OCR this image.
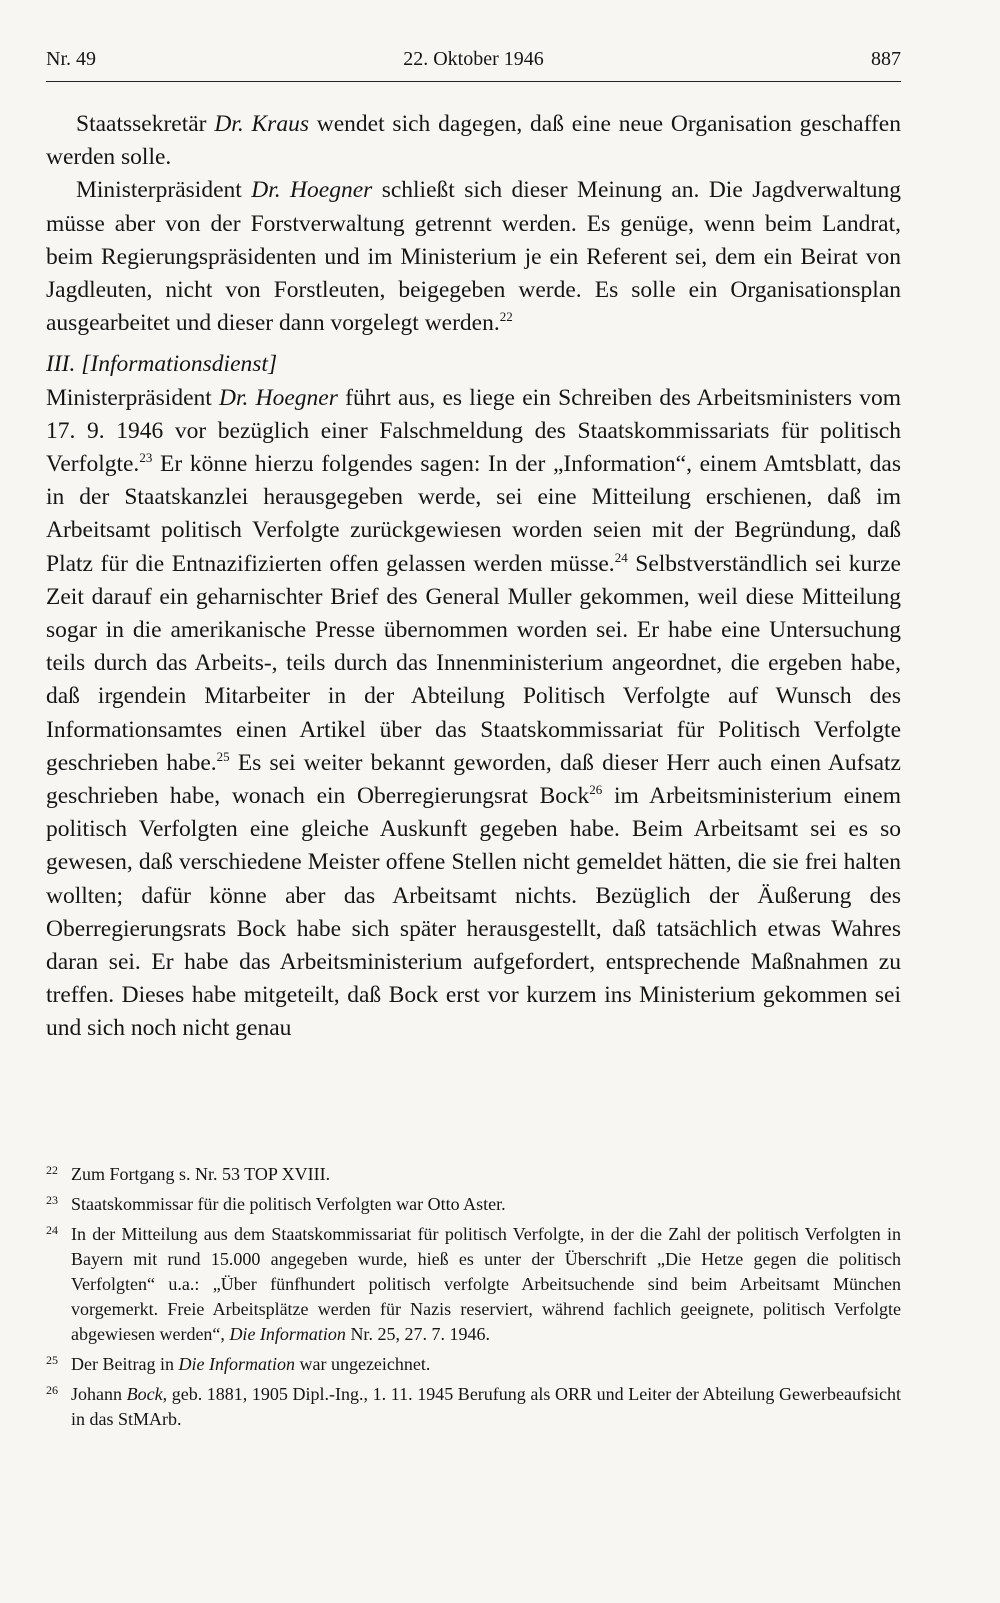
Nr. 49	22. Oktober 1946	887

Staatssekretär Dr. Kraus wendet sich dagegen, daß eine neue Organisation geschaffen werden solle.

Ministerpräsident Dr. Hoegner schließt sich dieser Meinung an. Die Jagdverwaltung müsse aber von der Forstverwaltung getrennt werden. Es genüge, wenn beim Landrat, beim Regierungspräsidenten und im Ministerium je ein Referent sei, dem ein Beirat von Jagdleuten, nicht von Forstleuten, beigegeben werde. Es solle ein Organisationsplan ausgearbeitet und dieser dann vorgelegt werden.$^{22}$

III. [Informationsdienst]

Ministerpräsident Dr. Hoegner führt aus, es liege ein Schreiben des Arbeitsministers vom 17. 9. 1946 vor bezüglich einer Falschmeldung des Staatskommissariats für politisch Verfolgte.$^{23}$ Er könne hierzu folgendes sagen: In der „Information“, einem Amtsblatt, das in der Staatskanzlei herausgegeben werde, sei eine Mitteilung erschienen, daß im Arbeitsamt politisch Verfolgte zurückgewiesen worden seien mit der Begründung, daß Platz für die Entnazifizierten offen gelassen werden müsse.$^{24}$ Selbstverständlich sei kurze Zeit darauf ein geharnischter Brief des General Muller gekommen, weil diese Mitteilung sogar in die amerikanische Presse übernommen worden sei. Er habe eine Untersuchung teils durch das Arbeits-, teils durch das Innenministerium angeordnet, die ergeben habe, daß irgendein Mitarbeiter in der Abteilung Politisch Verfolgte auf Wunsch des Informationsamtes einen Artikel über das Staatskommissariat für Politisch Verfolgte geschrieben habe.$^{25}$ Es sei weiter bekannt geworden, daß dieser Herr auch einen Aufsatz geschrieben habe, wonach ein Oberregierungsrat Bock$^{26}$ im Arbeitsministerium einem politisch Verfolgten eine gleiche Auskunft gegeben habe. Beim Arbeitsamt sei es so gewesen, daß verschiedene Meister offene Stellen nicht gemeldet hätten, die sie frei halten wollten; dafür könne aber das Arbeitsamt nichts. Bezüglich der Äußerung des Oberregierungsrats Bock habe sich später herausgestellt, daß tatsächlich etwas Wahres daran sei. Er habe das Arbeitsministerium aufgefordert, entsprechende Maßnahmen zu treffen. Dieses habe mitgeteilt, daß Bock erst vor kurzem ins Ministerium gekommen sei und sich noch nicht genau

22 Zum Fortgang s. Nr. 53 TOP XVIII.
23 Staatskommissar für die politisch Verfolgten war Otto Aster.
24 In der Mitteilung aus dem Staatskommissariat für politisch Verfolgte, in der die Zahl der politisch Verfolgten in Bayern mit rund 15.000 angegeben wurde, hieß es unter der Überschrift „Die Hetze gegen die politisch Verfolgten“ u.a.: „Über fünfhundert politisch verfolgte Arbeitsuchende sind beim Arbeitsamt München vorgemerkt. Freie Arbeitsplätze werden für Nazis reserviert, während fachlich geeignete, politisch Verfolgte abgewiesen werden“, Die Information Nr. 25, 27. 7. 1946.
25 Der Beitrag in Die Information war ungezeichnet.
26 Johann Bock, geb. 1881, 1905 Dipl.-Ing., 1. 11. 1945 Berufung als ORR und Leiter der Abteilung Gewerbeaufsicht in das StMArb.
